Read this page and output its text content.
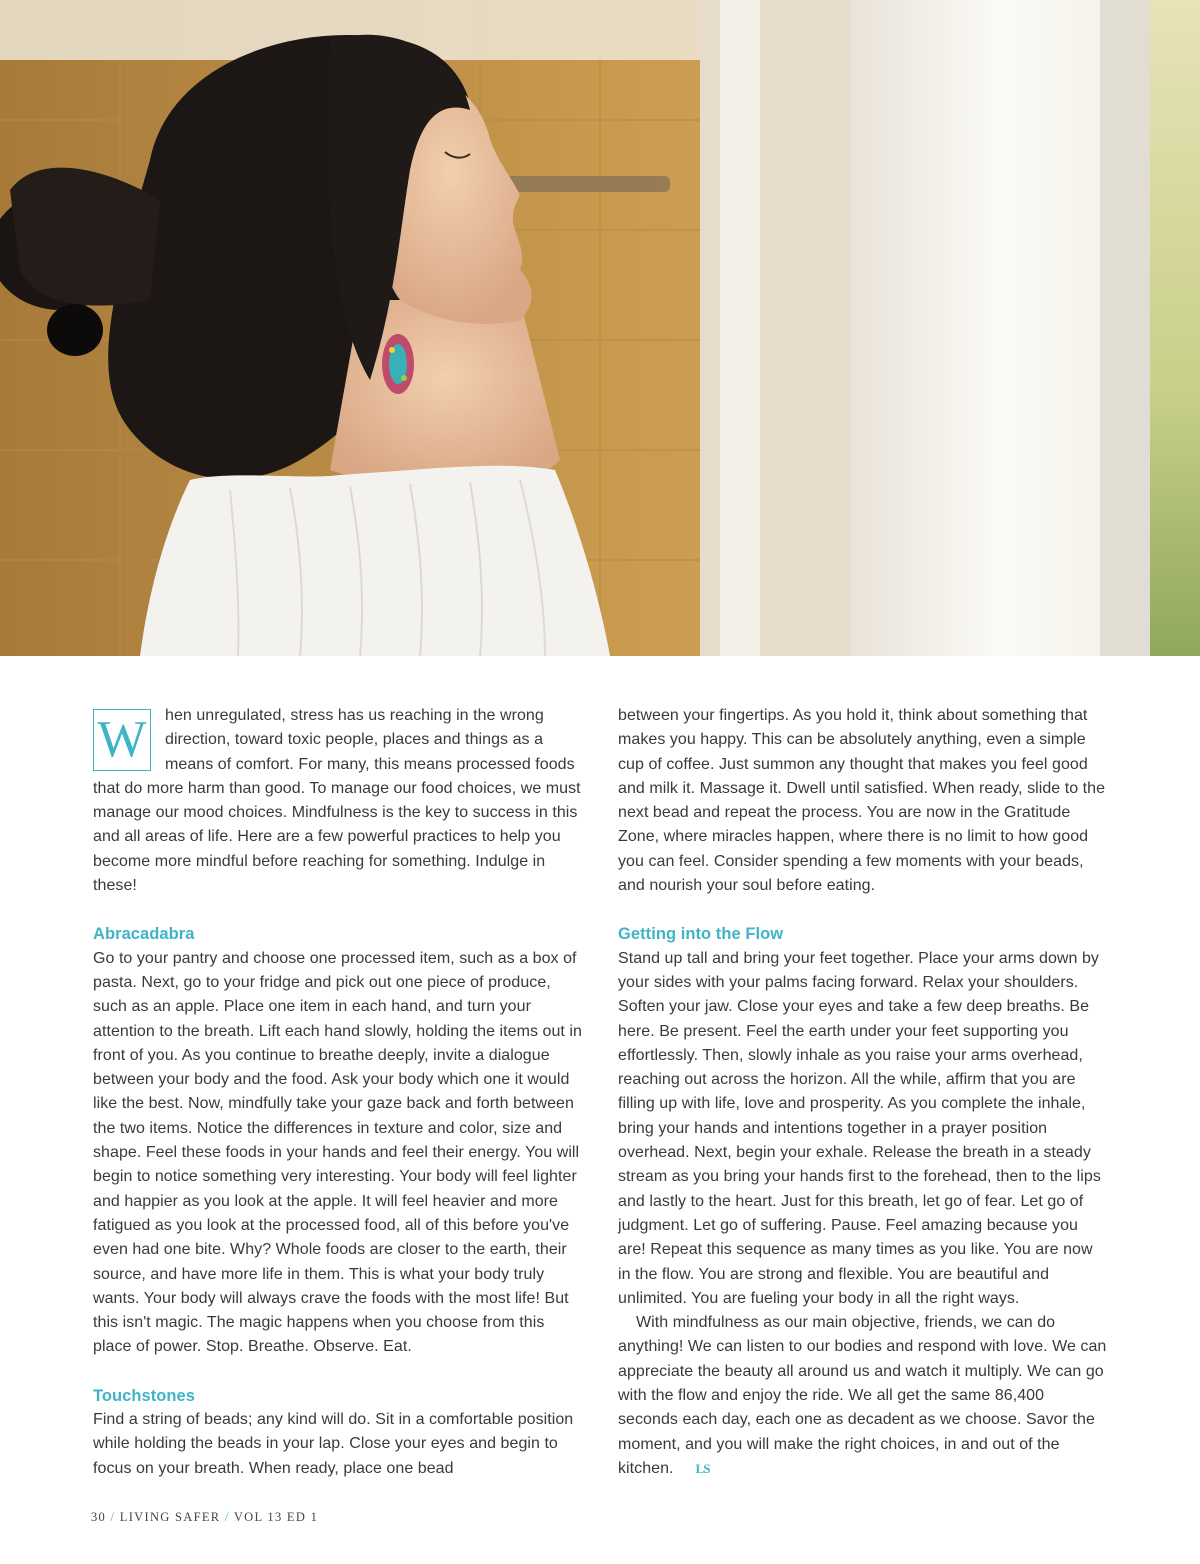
W hen unregulated, stress has us reaching in the wrong direction, toward toxic people, places and things as a means of comfort. For many, this means processed foods that do more harm than good. To manage our food choices, we must manage our mood choices. Mindfulness is the key to success in this and all areas of life. Here are a few powerful practices to help you become more mindful before reaching for something. Indulge in these!

Abracadabra

Go to your pantry and choose one processed item, such as a box of pasta. Next, go to your fridge and pick out one piece of produce, such as an apple. Place one item in each hand, and turn your attention to the breath. Lift each hand slowly, holding the items out in front of you. As you continue to breathe deeply, invite a dialogue between your body and the food. Ask your body which one it would like the best. Now, mindfully take your gaze back and forth between the two items. Notice the differences in texture and color, size and shape. Feel these foods in your hands and feel their energy. You will begin to notice something very interesting. Your body will feel lighter and happier as you look at the apple. It will feel heavier and more fatigued as you look at the processed food, all of this before you've even had one bite. Why? Whole foods are closer to the earth, their source, and have more life in them. This is what your body truly wants. Your body will always crave the foods with the most life! But this isn't magic. The magic happens when you choose from this place of power. Stop. Breathe. Observe. Eat.

Touchstones

Find a string of beads; any kind will do. Sit in a comfortable position while holding the beads in your lap. Close your eyes and begin to focus on your breath. When ready, place one bead

between your fingertips. As you hold it, think about something that makes you happy. This can be absolutely anything, even a simple cup of coffee. Just summon any thought that makes you feel good and milk it. Massage it. Dwell until satisfied. When ready, slide to the next bead and repeat the process. You are now in the Gratitude Zone, where miracles happen, where there is no limit to how good you can feel. Consider spending a few moments with your beads, and nourish your soul before eating.

Getting into the Flow

Stand up tall and bring your feet together. Place your arms down by your sides with your palms facing forward. Relax your shoulders. Soften your jaw. Close your eyes and take a few deep breaths. Be here. Be present. Feel the earth under your feet supporting you effortlessly. Then, slowly inhale as you raise your arms overhead, reaching out across the horizon. All the while, affirm that you are filling up with life, love and prosperity. As you complete the inhale, bring your hands and intentions together in a prayer position overhead. Next, begin your exhale. Release the breath in a steady stream as you bring your hands first to the forehead, then to the lips and lastly to the heart. Just for this breath, let go of fear. Let go of judgment. Let go of suffering. Pause. Feel amazing because you are! Repeat this sequence as many times as you like. You are now in the flow. You are strong and flexible. You are beautiful and unlimited. You are fueling your body in all the right ways.

With mindfulness as our main objective, friends, we can do anything! We can listen to our bodies and respond with love. We can appreciate the beauty all around us and watch it multiply. We can go with the flow and enjoy the ride. We all get the same 86,400 seconds each day, each one as decadent as we choose. Savor the moment, and you will make the right choices, in and out of the kitchen. LS

30 / LIVING SAFER / VOL 13 ED 1
